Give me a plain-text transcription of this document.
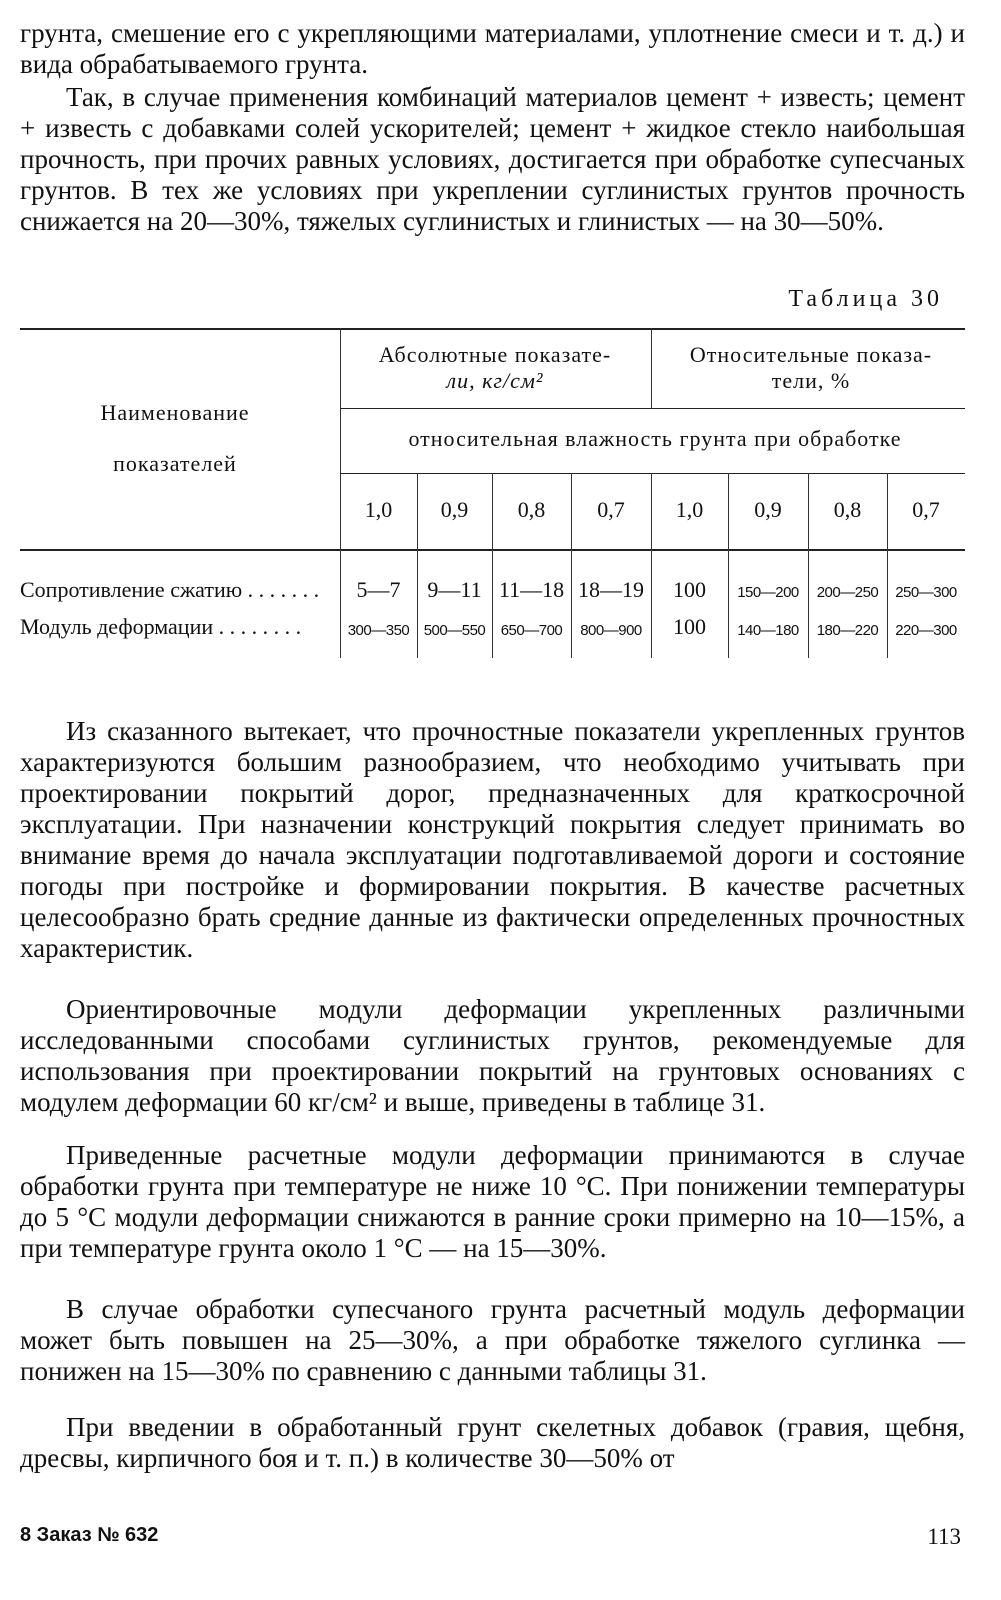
грунта, смешение его с укрепляющими материалами, уплотнение смеси и т. д.) и вида обрабатываемого грунта.

Так, в случае применения комбинаций материалов цемент + известь; цемент + известь с добавками солей ускорителей; цемент + жидкое стекло наибольшая прочность, при прочих равных условиях, достигается при обработке супесчаных грунтов. В тех же условиях при укреплении суглинистых грунтов прочность снижается на 20—30%, тяжелых суглинистых и глинистых — на 30—50%.

Таблица 30
Наименование
показателей
Абсолютные показате-
ли, кг/см²
Относительные показа-
тели, %
относительная влажность грунта при обработке
1,0	0,9	0,8	0,7	1,0	0,9	0,8	0,7
Сопротивление сжатию . . . . . . .	5—7	9—11 11—18 18—19	100	150—200	200—250	250—300
Модуль деформации . . . . . . . .	300—350 500—550	650—700	800—900	100	140—180	180—220	220—300

Из сказанного вытекает, что прочностные показатели укрепленных грунтов характеризуются большим разнообразием, что необходимо учитывать при проектировании покрытий дорог, предназначенных для краткосрочной эксплуатации. При назначении конструкций покрытия следует принимать во внимание время до начала эксплуатации подготавливаемой дороги и состояние погоды при постройке и формировании покрытия. В качестве расчетных целесообразно брать средние данные из фактически определенных прочностных характеристик.

Ориентировочные модули деформации укрепленных различными исследованными способами суглинистых грунтов, рекомендуемые для использования при проектировании покрытий на грунтовых основаниях с модулем деформации 60 кг/см² и выше, приведены в таблице 31.

Приведенные расчетные модули деформации принимаются в случае обработки грунта при температуре не ниже 10 °С. При понижении температуры до 5 °С модули деформации снижаются в ранние сроки примерно на 10—15%, а при температуре грунта около 1 °С — на 15—30%.

В случае обработки супесчаного грунта расчетный модуль деформации может быть повышен на 25—30%, а при обработке тяжелого суглинка — понижен на 15—30% по сравнению с данными таблицы 31.

При введении в обработанный грунт скелетных добавок (гравия, щебня, дресвы, кирпичного боя и т. п.) в количестве 30—50% от

8 Заказ № 632	113
